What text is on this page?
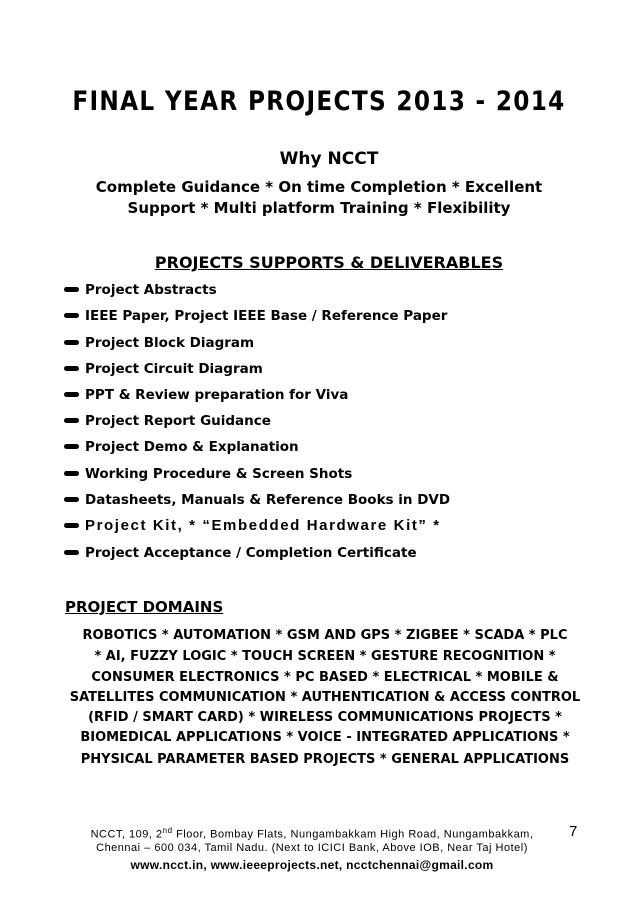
FINAL YEAR PROJECTS 2013 - 2014
Why NCCT
Complete Guidance * On time Completion * Excellent
Support * Multi platform Training * Flexibility
PROJECTS SUPPORTS & DELIVERABLES
Project Abstracts
IEEE Paper, Project IEEE Base / Reference Paper
Project Block Diagram
Project Circuit Diagram
PPT & Review preparation for Viva
Project Report Guidance
Project Demo & Explanation
Working Procedure & Screen Shots
Datasheets, Manuals & Reference Books in DVD
Project Kit, * “Embedded Hardware Kit” *
Project Acceptance / Completion Certificate
PROJECT DOMAINS
ROBOTICS * AUTOMATION * GSM AND GPS * ZIGBEE * SCADA * PLC
* AI, FUZZY LOGIC * TOUCH SCREEN * GESTURE RECOGNITION *
CONSUMER ELECTRONICS * PC BASED * ELECTRICAL * MOBILE &
SATELLITES COMMUNICATION * AUTHENTICATION & ACCESS CONTROL
(RFID / SMART CARD) * WIRELESS COMMUNICATIONS PROJECTS *
BIOMEDICAL APPLICATIONS * VOICE - INTEGRATED APPLICATIONS *
PHYSICAL PARAMETER BASED PROJECTS * GENERAL APPLICATIONS
NCCT, 109, 2nd Floor, Bombay Flats, Nungambakkam High Road, Nungambakkam,
Chennai – 600 034, Tamil Nadu. (Next to ICICI Bank, Above IOB, Near Taj Hotel)
www.ncct.in, www.ieeeprojects.net, ncctchennai@gmail.com
7
